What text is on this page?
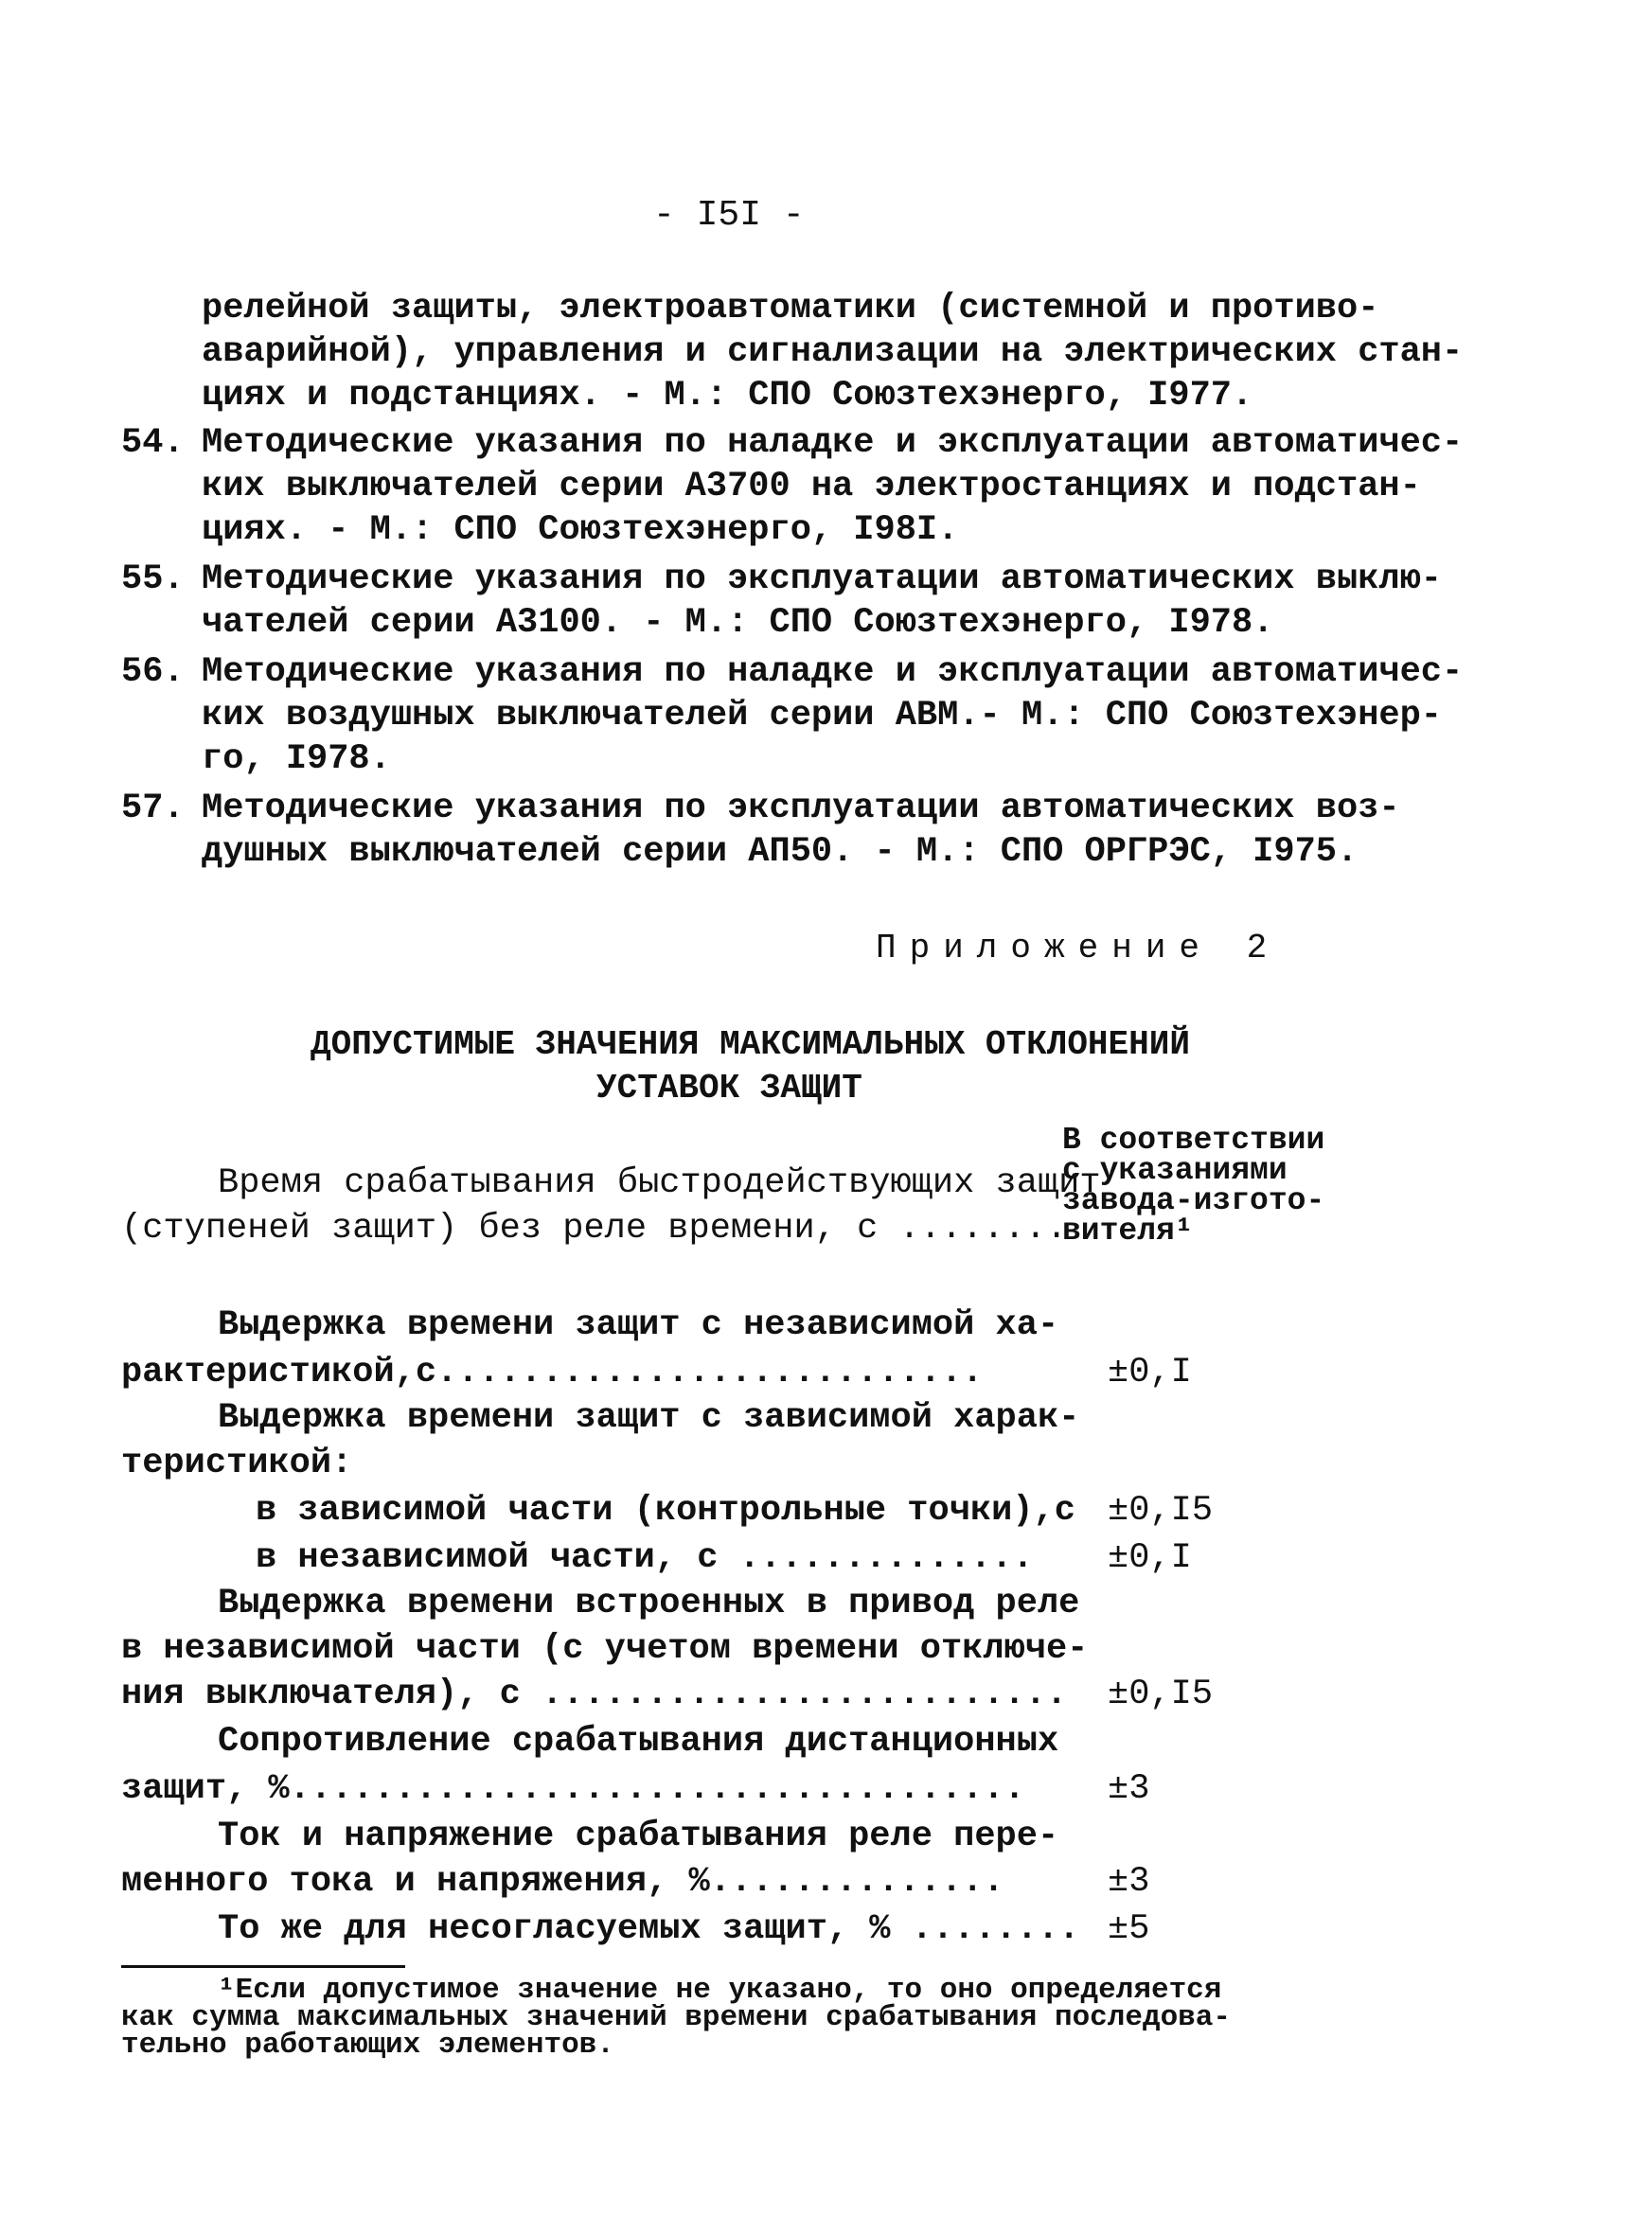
- I5I -
релейной защиты, электроавтоматики (системной и противо-
аварийной), управления и сигнализации на электрических стан-
циях и подстанциях. - М.: СПО Союзтехэнерго, I977.
54. Методические указания по наладке и эксплуатации автоматичес-
ких выключателей серии А3700 на электростанциях и подстан-
циях. - М.: СПО Союзтехэнерго, I98I.
55. Методические указания по эксплуатации автоматических выклю-
чателей серии А3100. - М.: СПО Союзтехэнерго, I978.
56. Методические указания по наладке и эксплуатации автоматичес-
ких воздушных выключателей серии АВМ.- М.: СПО Союзтехэнер-
го, I978.
57. Методические указания по эксплуатации автоматических воз-
душных выключателей серии АП50. - М.: СПО ОРГРЭС, I975.
Приложение 2
ДОПУСТИМЫЕ ЗНАЧЕНИЯ МАКСИМАЛЬНЫХ ОТКЛОНЕНИЙ
УСТАВОК ЗАЩИТ
Время срабатывания быстродействующих защит
(ступеней защит) без реле времени, с ........
В соответствии
с указаниями
завода-изгото-
вителя¹
Выдержка времени защит с независимой ха-
рактеристикой,с..........................	±0,I
Выдержка времени защит с зависимой харак-
теристикой:
в зависимой части (контрольные точки),с ±0,I5
в независимой части, с .............. ±0,I
Выдержка времени встроенных в привод реле
в независимой части (с учетом времени отключе-
ния выключателя), с ......................... ±0,I5
Сопротивление срабатывания дистанционных
защит, %................................... ±3
Ток и напряжение срабатывания реле пере-
менного тока и напряжения, %..............	±3
То же для несогласуемых защит, % ........ ±5
¹Если допустимое значение не указано, то оно определяется
как сумма максимальных значений времени срабатывания последова-
тельно работающих элементов.
